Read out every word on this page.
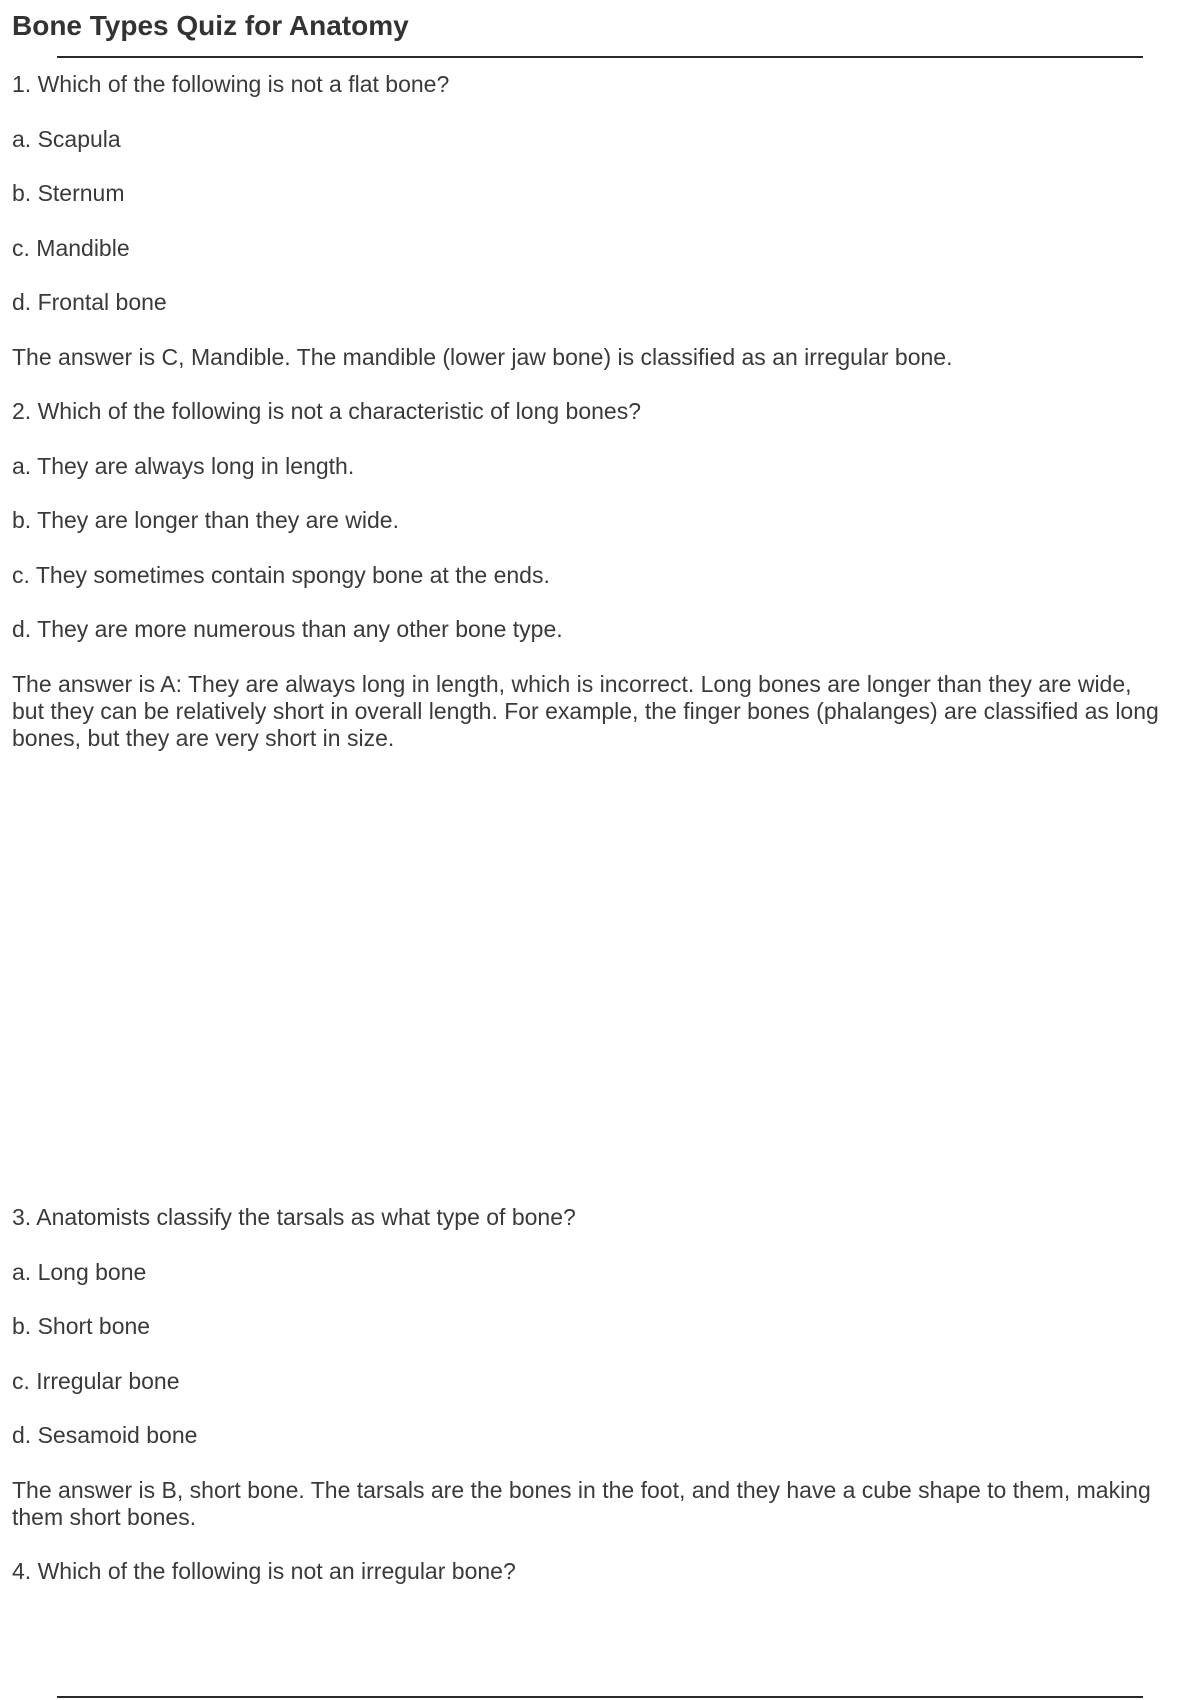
Bone Types Quiz for Anatomy

1. Which of the following is not a flat bone?

a. Scapula

b. Sternum

c. Mandible

d. Frontal bone

The answer is C, Mandible. The mandible (lower jaw bone) is classified as an irregular bone.

2. Which of the following is not a characteristic of long bones?

a. They are always long in length.

b. They are longer than they are wide.

c. They sometimes contain spongy bone at the ends.

d. They are more numerous than any other bone type.

The answer is A: They are always long in length, which is incorrect. Long bones are longer than they are wide,
but they can be relatively short in overall length. For example, the finger bones (phalanges) are classified as long
bones, but they are very short in size.

3. Anatomists classify the tarsals as what type of bone?

a. Long bone

b. Short bone

c. Irregular bone

d. Sesamoid bone

The answer is B, short bone. The tarsals are the bones in the foot, and they have a cube shape to them, making
them short bones.

4. Which of the following is not an irregular bone?
